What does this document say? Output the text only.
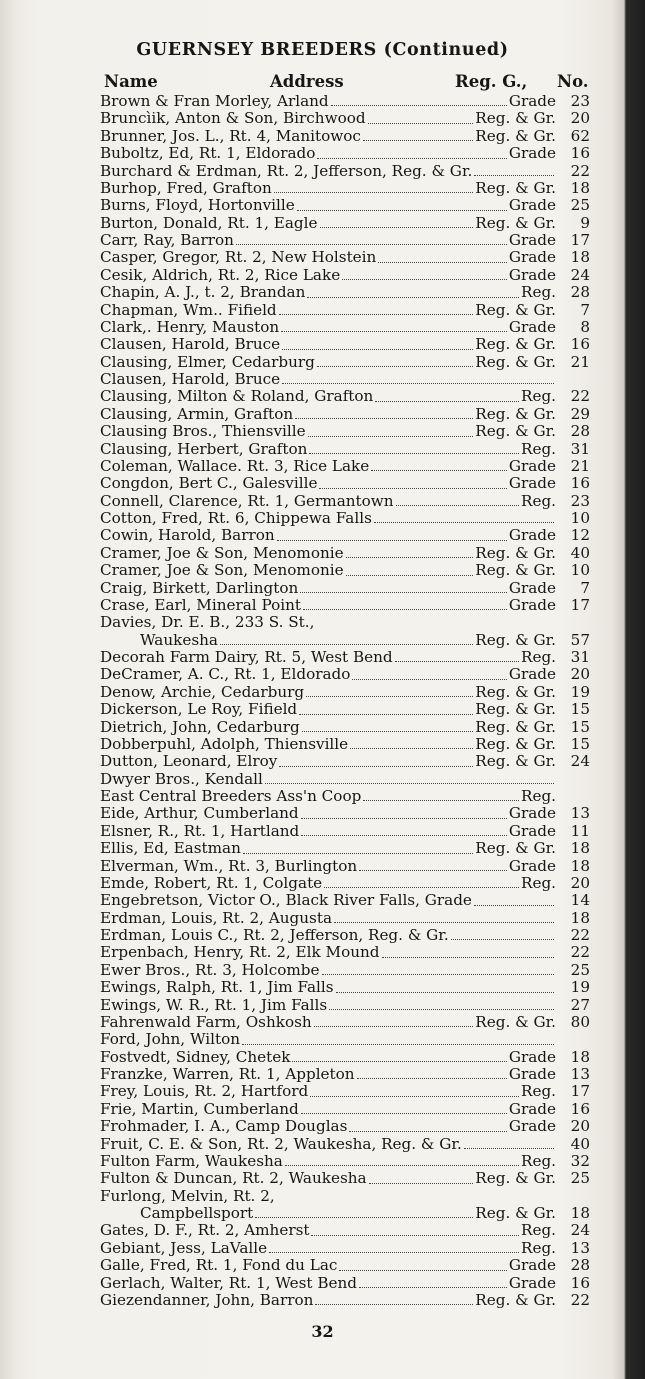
GUERNSEY BREEDERS (Continued)
Name	Address	Reg. G., No.
Brown & Fran Morley, Arland	Grade 23
Bruncìik, Anton & Son, Birchwood	Reg. & Gr. 20
Brunner, Jos. L., Rt. 4, Manitowoc	Reg. & Gr. 62
Buboltz, Ed, Rt. 1, Eldorado	Grade 16
Burchard & Erdman, Rt. 2, Jefferson, Reg. & Gr.	22
Burhop, Fred, Grafton	Reg. & Gr. 18
Burns, Floyd, Hortonville	Grade 25
Burton, Donald, Rt. 1, Eagle	Reg. & Gr.	9
Carr, Ray, Barron	Grade 17
Casper, Gregor, Rt. 2, New Holstein	Grade 18
Cesik, Aldrich, Rt. 2, Rice Lake	Grade 24
Chapin, A. J., t. 2, Brandan	Reg. 28
Chapman, Wm.. Fifield	Reg. & Gr.	7
Clark,. Henry, Mauston	Grade	8
Clausen, Harold, Bruce	Reg. & Gr. 16
Clausing, Elmer, Cedarburg	Reg. & Gr. 21
Clausen, Harold, Bruce
Clausing, Milton & Roland, Grafton	Reg. 22
Clausing, Armin, Grafton	Reg. & Gr. 29
Clausing Bros., Thiensville	Reg. & Gr. 28
Clausing, Herbert, Grafton	Reg. 31
Coleman, Wallace. Rt. 3, Rice Lake	Grade 21
Congdon, Bert C., Galesville	Grade 16
Connell, Clarence, Rt. 1, Germantown	Reg. 23
Cotton, Fred, Rt. 6, Chippewa Falls	10
Cowin, Harold, Barron	Grade 12
Cramer, Joe & Son, Menomonie	Reg. & Gr. 40
Cramer, Joe & Son, Menomonie	Reg. & Gr. 10
Craig, Birkett, Darlington	Grade	7
Crase, Earl, Mineral Point	Grade 17
Davies, Dr. E. B., 233 S. St.,
Waukesha	Reg. & Gr. 57
Decorah Farm Dairy, Rt. 5, West Bend	Reg. 31
DeCramer, A. C., Rt. 1, Eldorado	Grade 20
Denow, Archie, Cedarburg	Reg. & Gr. 19
Dickerson, Le Roy, Fifield	Reg. & Gr. 15
Dietrich, John, Cedarburg	Reg. & Gr. 15
Dobberpuhl, Adolph, Thiensville	Reg. & Gr. 15
Dutton, Leonard, Elroy	Reg. & Gr. 24
Dwyer Bros., Kendall
East Central Breeders Ass'n Coop	Reg.
Eide, Arthur, Cumberland	Grade 13
Elsner, R., Rt. 1, Hartland	Grade 11
Ellis, Ed, Eastman	Reg. & Gr. 18
Elverman, Wm., Rt. 3, Burlington	Grade 18
Emde, Robert, Rt. 1, Colgate	Reg. 20
Engebretson, Victor O., Black River Falls, Grade	14
Erdman, Louis, Rt. 2, Augusta	18
Erdman, Louis C., Rt. 2, Jefferson, Reg. & Gr.	22
Erpenbach, Henry, Rt. 2, Elk Mound	22
Ewer Bros., Rt. 3, Holcombe	25
Ewings, Ralph, Rt. 1, Jim Falls	19
Ewings, W. R., Rt. 1, Jim Falls	27
Fahrenwald Farm, Oshkosh	Reg. & Gr. 80
Ford, John, Wilton
Fostvedt, Sidney, Chetek	Grade 18
Franzke, Warren, Rt. 1, Appleton	Grade 13
Frey, Louis, Rt. 2, Hartford	Reg. 17
Frie, Martin, Cumberland	Grade 16
Frohmader, I. A., Camp Douglas	Grade 20
Fruit, C. E. & Son, Rt. 2, Waukesha, Reg. & Gr.	40
Fulton Farm, Waukesha	Reg. 32
Fulton & Duncan, Rt. 2, Waukesha	Reg. & Gr. 25
Furlong, Melvin, Rt. 2,
Campbellsport	Reg. & Gr. 18
Gates, D. F., Rt. 2, Amherst	Reg. 24
Gebiant, Jess, LaValle	Reg. 13
Galle, Fred, Rt. 1, Fond du Lac	Grade 28
Gerlach, Walter, Rt. 1, West Bend	Grade 16
Giezendanner, John, Barron	Reg. & Gr. 22
32
